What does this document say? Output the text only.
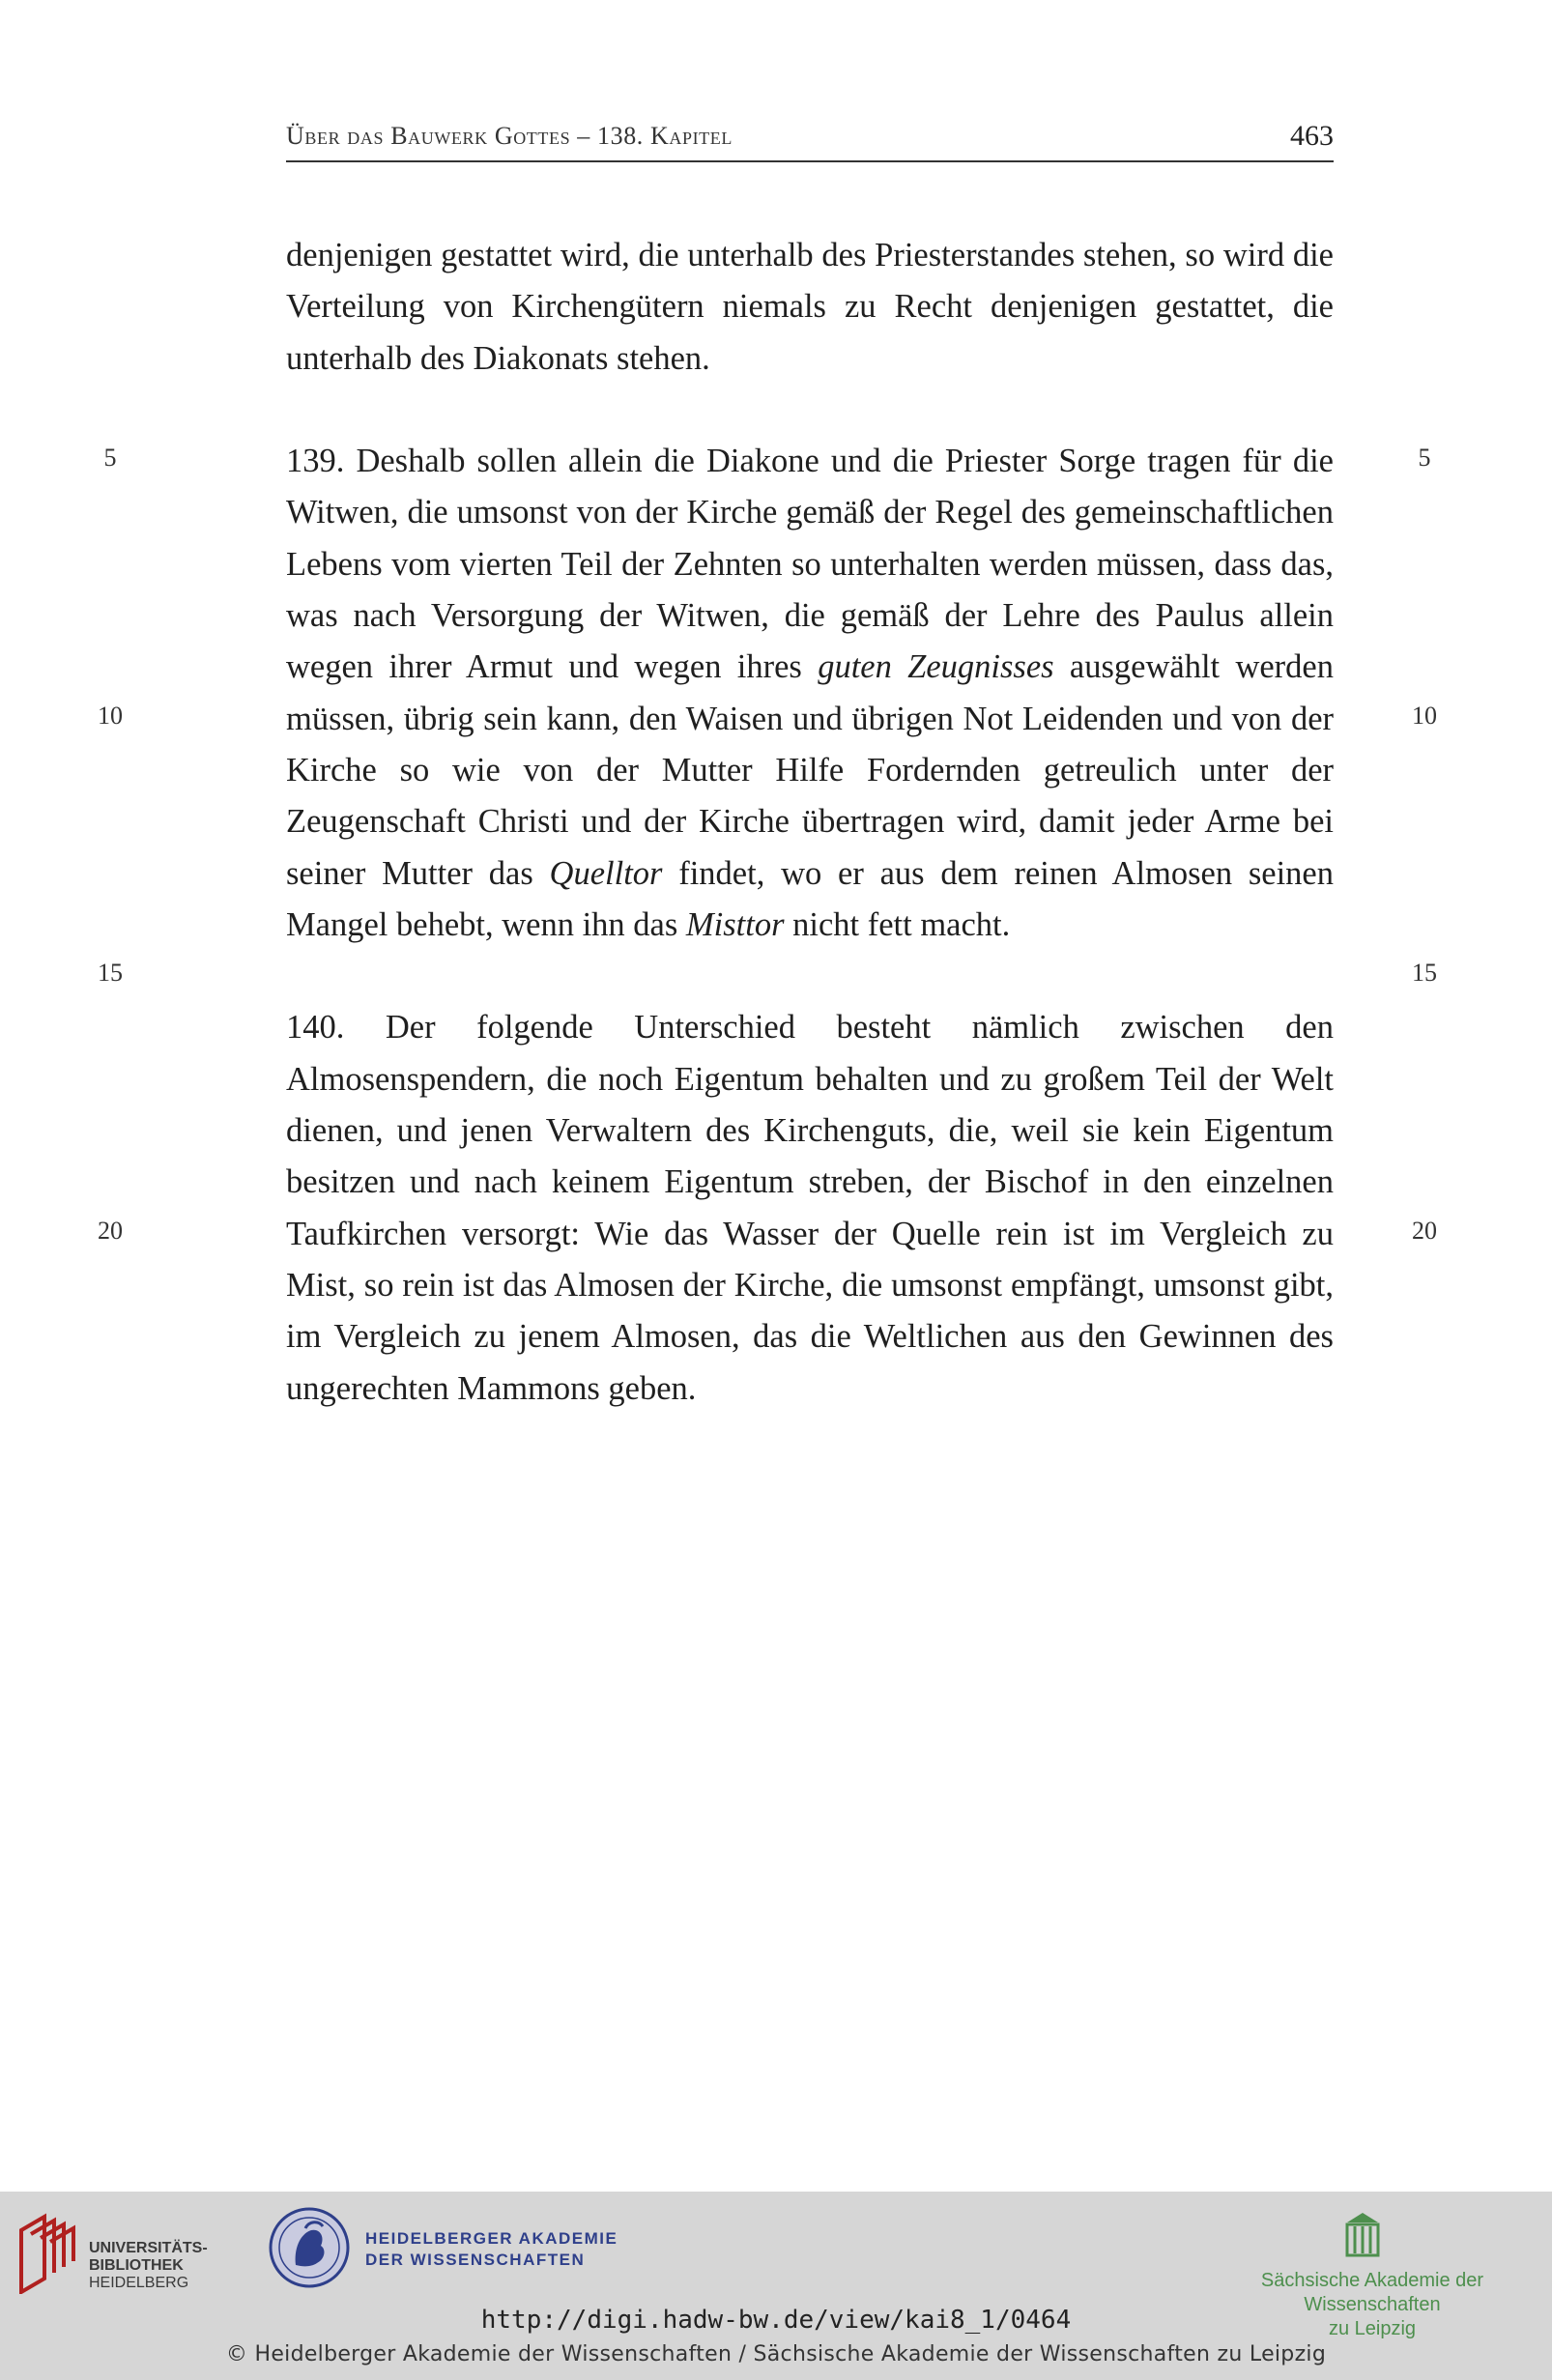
Über das Bauwerk Gottes – 138. Kapitel	463

denjenigen gestattet wird, die unterhalb des Priesterstandes stehen, so wird die Verteilung von Kirchengütern niemals zu Recht denjenigen gestattet, die unterhalb des Diakonats stehen.

139. Deshalb sollen allein die Diakone und die Priester Sorge tragen für die Witwen, die umsonst von der Kirche gemäß der Regel des gemeinschaftlichen Lebens vom vierten Teil der Zehnten so unterhalten werden müssen, dass das, was nach Versorgung der Witwen, die gemäß der Lehre des Paulus allein wegen ihrer Armut und wegen ihres guten Zeugnisses ausgewählt werden müssen, übrig sein kann, den Waisen und übrigen Not Leidenden und von der Kirche so wie von der Mutter Hilfe Fordernden getreulich unter der Zeugenschaft Christi und der Kirche übertragen wird, damit jeder Arme bei seiner Mutter das Quelltor findet, wo er aus dem reinen Almosen seinen Mangel behebt, wenn ihn das Misttor nicht fett macht.

140. Der folgende Unterschied besteht nämlich zwischen den Almosenspendern, die noch Eigentum behalten und zu großem Teil der Welt dienen, und jenen Verwaltern des Kirchenguts, die, weil sie kein Eigentum besitzen und nach keinem Eigentum streben, der Bischof in den einzelnen Taufkirchen versorgt: Wie das Wasser der Quelle rein ist im Vergleich zu Mist, so rein ist das Almosen der Kirche, die umsonst empfängt, umsonst gibt, im Vergleich zu jenem Almosen, das die Weltlichen aus den Gewinnen des ungerechten Mammons geben.

5	5
10	10
15	15
20	20
UNIVERSITÄTS-
BIBLIOTHEK
HEIDELBERG
HEIDELBERGER AKADEMIE
DER WISSENSCHAFTEN
Sächsische Akademie der Wissenschaften
zu Leipzig
http://digi.hadw-bw.de/view/kai8_1/0464
© Heidelberger Akademie der Wissenschaften / Sächsische Akademie der Wissenschaften zu Leipzig
